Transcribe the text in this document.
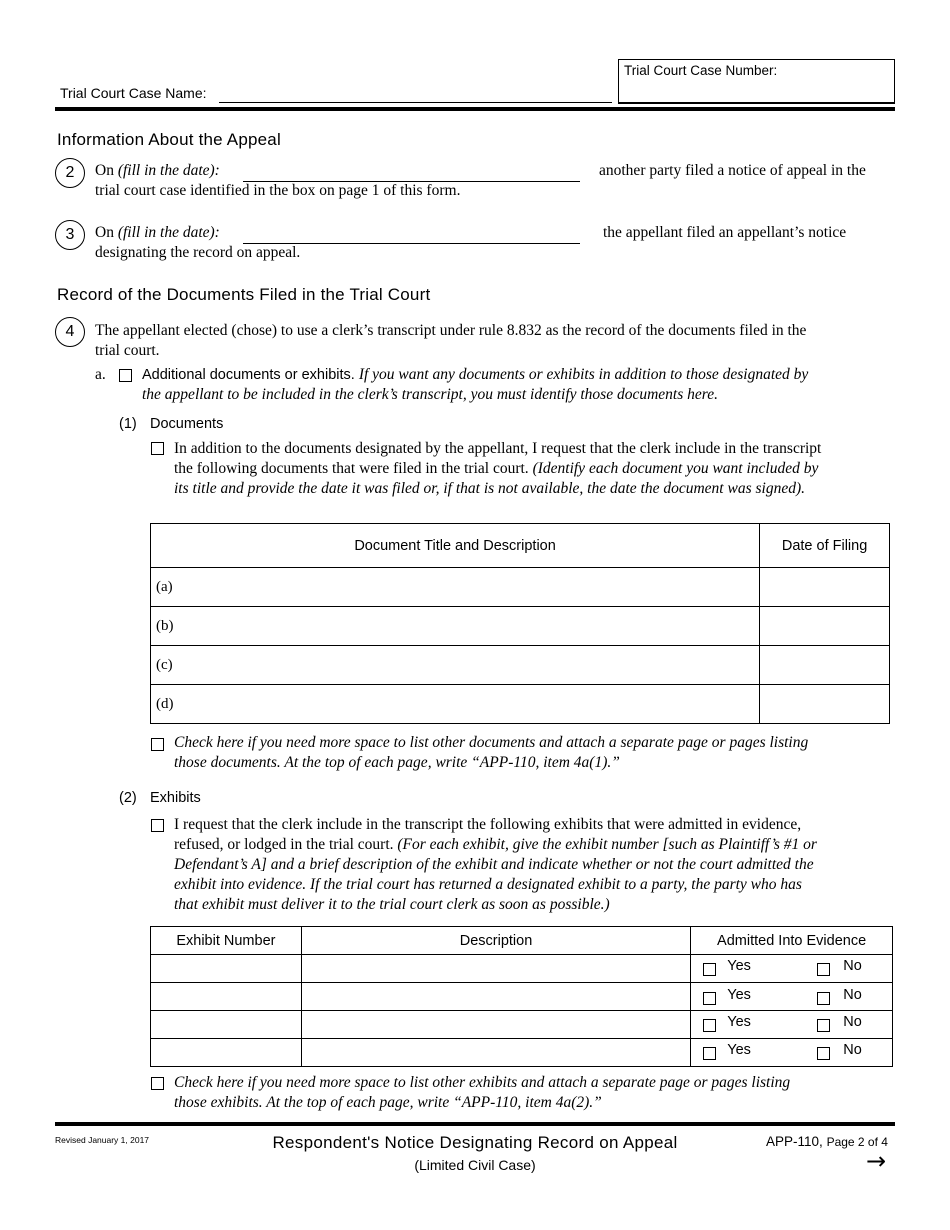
Trial Court Case Name:
Trial Court Case Number:
Information About the Appeal
2	On (fill in the date):	another party filed a notice of appeal in the
trial court case identified in the box on page 1 of this form.
3	On (fill in the date):	the appellant filed an appellant’s notice
designating the record on appeal.
Record of the Documents Filed in the Trial Court
4	The appellant elected (chose) to use a clerk’s transcript under rule 8.832 as the record of the documents filed in the
trial court.
a. Additional documents or exhibits. If you want any documents or exhibits in addition to those designated by
the appellant to be included in the clerk’s transcript, you must identify those documents here.
(1) Documents
In addition to the documents designated by the appellant, I request that the clerk include in the transcript
the following documents that were filed in the trial court. (Identify each document you want included by
its title and provide the date it was filed or, if that is not available, the date the document was signed).
Document Title and Description	Date of Filing
(a)	
(b)	
(c)	
(d)	
Check here if you need more space to list other documents and attach a separate page or pages listing
those documents. At the top of each page, write “APP-110, item 4a(1).”
(2) Exhibits
I request that the clerk include in the transcript the following exhibits that were admitted in evidence,
refused, or lodged in the trial court. (For each exhibit, give the exhibit number [such as Plaintiff’s #1 or
Defendant’s A] and a brief description of the exhibit and indicate whether or not the court admitted the
exhibit into evidence. If the trial court has returned a designated exhibit to a party, the party who has
that exhibit must deliver it to the trial court clerk as soon as possible.)
Exhibit Number	Description	Admitted Into Evidence

		Yes No

		Yes No

		Yes No

		Yes No
Check here if you need more space to list other exhibits and attach a separate page or pages listing
those exhibits. At the top of each page, write “APP-110, item 4a(2).”
Revised January 1, 2017	Respondent's Notice Designating Record on Appeal
(Limited Civil Case)
APP-110, Page 2 of 4
→
